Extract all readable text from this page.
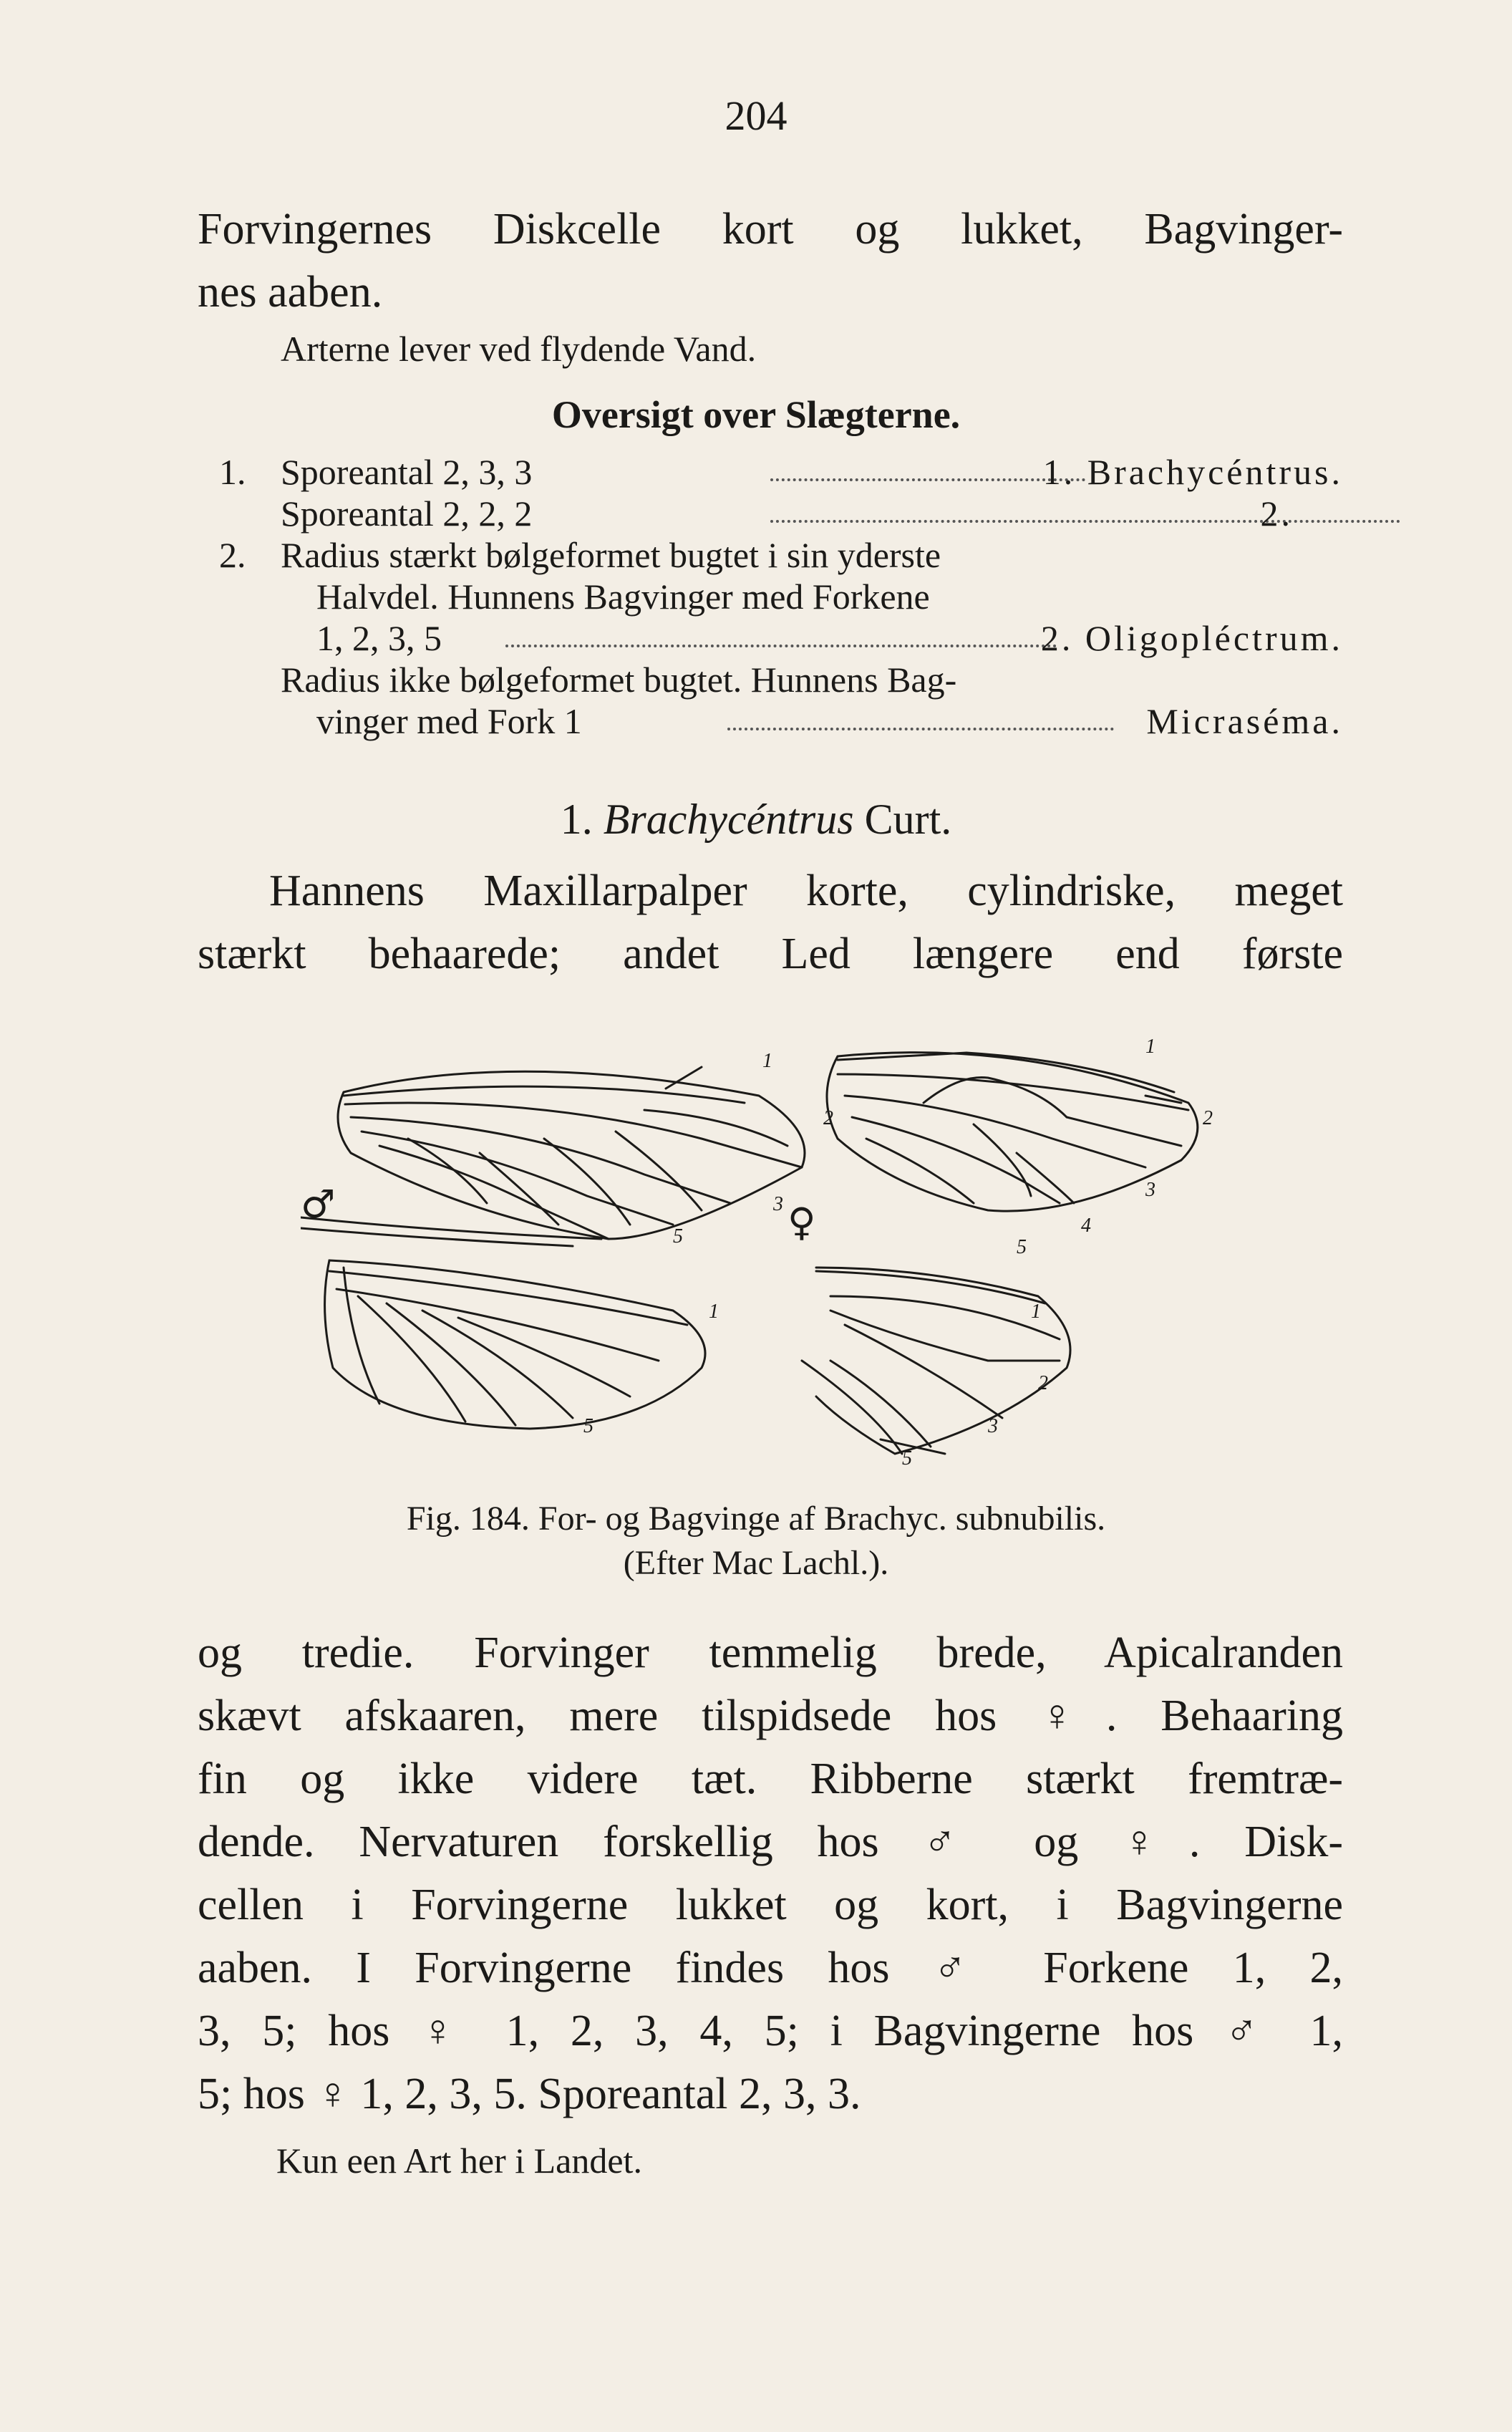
204
Forvingernes Diskcelle kort og lukket, Bagvinger-
nes aaben.
Arterne lever ved flydende Vand.
Oversigt over Slægterne.
1. Sporeantal 2, 3, 3	1. Brachycéntrus.
Sporeantal 2, 2, 2	2.
2. Radius stærkt bølgeformet bugtet i sin yderste
Halvdel. Hunnens Bagvinger med Forkene
1, 2, 3, 5	2. Oligopléctrum.
Radius ikke bølgeformet bugtet. Hunnens Bag-
vinger med Fork 1	Micraséma.
1. Brachycéntrus Curt.
Hannens Maxillarpalper korte, cylindriske, meget
stærkt behaarede; andet Led længere end første
1
2
3
5
1
2
3
4
5
1
5
1
2
3
5
♂	♀
Fig. 184. For- og Bagvinge af Brachyc. subnubilis.
(Efter Mac Lachl.).
og tredie. Forvinger temmelig brede, Apicalranden
skævt afskaaren, mere tilspidsede hos ♀. Behaaring
fin og ikke videre tæt. Ribberne stærkt fremtræ-
dende. Nervaturen forskellig hos ♂ og ♀. Disk-
cellen i Forvingerne lukket og kort, i Bagvingerne
aaben. I Forvingerne findes hos ♂ Forkene 1, 2,
3, 5; hos ♀ 1, 2, 3, 4, 5; i Bagvingerne hos ♂ 1,
5; hos ♀ 1, 2, 3, 5. Sporeantal 2, 3, 3.
Kun een Art her i Landet.
